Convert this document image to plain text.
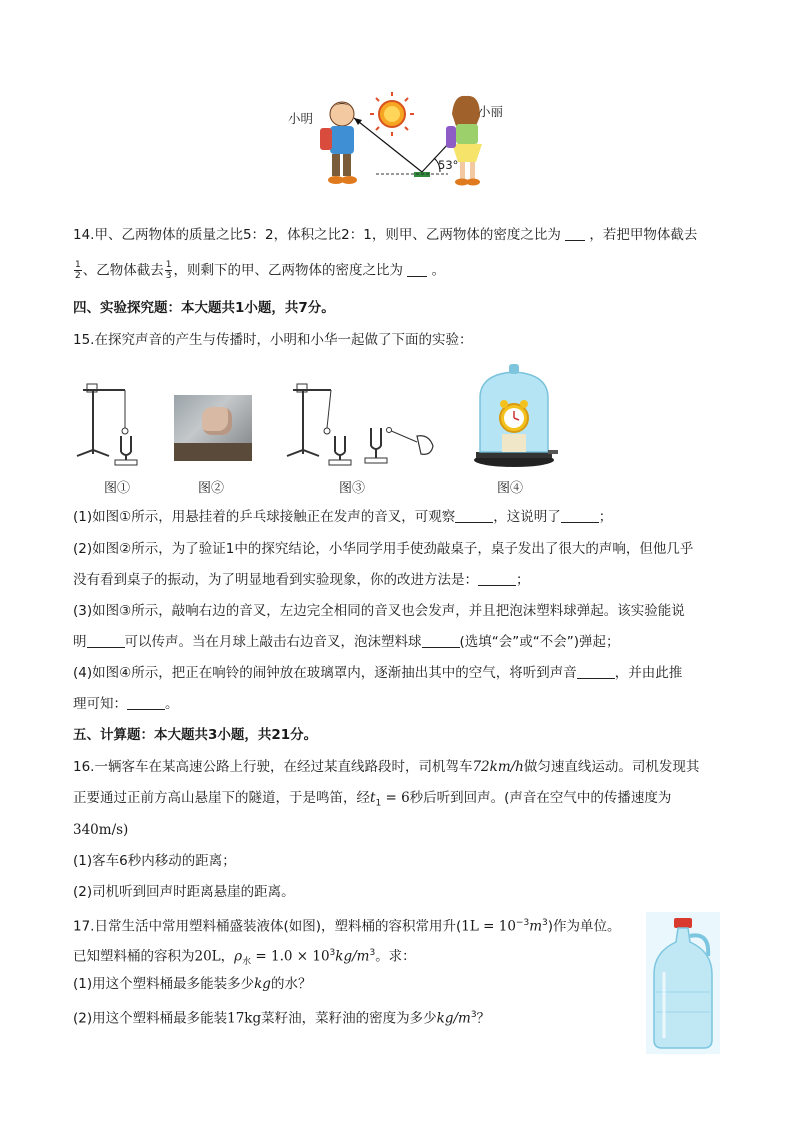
小明	小丽
53°
14.甲、乙两物体的质量之比5：2，体积之比2：1，则甲、乙两物体的密度之比为 ，若把甲物体截去
$\frac{1}{2}$ 、乙物体截去 $\frac{1}{3}$ ，则剩下的甲、乙两物体的密度之比为 。
四、实验探究题：本大题共1小题，共7分。
15.在探究声音的产生与传播时，小明和小华一起做了下面的实验：
图①	图②	图③	图④
(1)如图①所示，用悬挂着的乒乓球接触正在发声的音叉，可观察	，这说明了	；
(2)如图②所示，为了验证1中的探究结论，小华同学用手使劲敲桌子，桌子发出了很大的声响，但他几乎
没有看到桌子的振动，为了明显地看到实验现象，你的改进方法是：	；
(3)如图③所示，敲响右边的音叉，左边完全相同的音叉也会发声，并且把泡沫塑料球弹起。该实验能说
明	可以传声。当在月球上敲击右边音叉，泡沫塑料球	(选填“会”或“不会”)弹起；
(4)如图④所示，把正在响铃的闹钟放在玻璃罩内，逐渐抽出其中的空气，将听到声音	，并由此推
理可知：	。
五、计算题：本大题共3小题，共21分。
16.一辆客车在某高速公路上行驶，在经过某直线路段时，司机驾车72km/h做匀速直线运动。司机发现其
正要通过正前方高山悬崖下的隧道，于是鸣笛，经$t_1 = 6$秒后听到回声。(声音在空气中的传播速度为
340m/s)
(1)客车6秒内移动的距离；
(2)司机听到回声时距离悬崖的距离。
17.日常生活中常用塑料桶盛装液体(如图)，塑料桶的容积常用升$(1L = 10^{-3}m^3)$作为单位。
已知塑料桶的容积为20L，$\rho_水 = 1.0 \times 10^3kg/m^3$。求：
(1)用这个塑料桶最多能装多少kg的水？
(2)用这个塑料桶最多能装17kg菜籽油，菜籽油的密度为多少$kg/m^3$？
